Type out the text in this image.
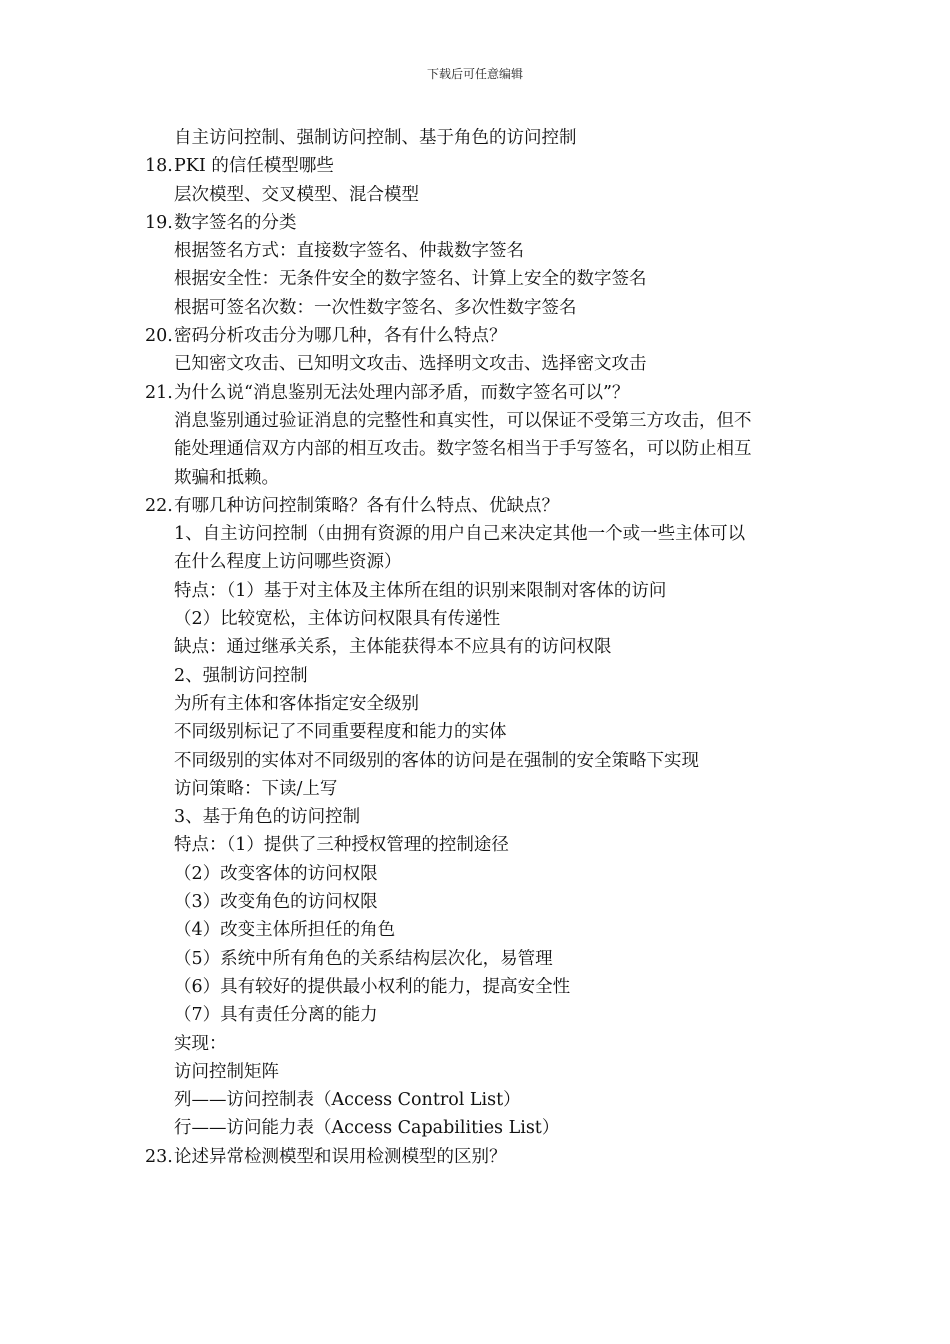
下载后可任意编辑
自主访问控制、强制访问控制、基于角色的访问控制
18. PKI 的信任模型哪些
层次模型、交叉模型、混合模型
19. 数字签名的分类
根据签名方式：直接数字签名、仲裁数字签名
根据安全性：无条件安全的数字签名、计算上安全的数字签名
根据可签名次数：一次性数字签名、多次性数字签名
20. 密码分析攻击分为哪几种，各有什么特点？
已知密文攻击、已知明文攻击、选择明文攻击、选择密文攻击
21. 为什么说“消息鉴别无法处理内部矛盾，而数字签名可以”？
消息鉴别通过验证消息的完整性和真实性，可以保证不受第三方攻击，但不
能处理通信双方内部的相互攻击。数字签名相当于手写签名，可以防止相互
欺骗和抵赖。
22. 有哪几种访问控制策略？各有什么特点、优缺点？
1、自主访问控制（由拥有资源的用户自己来决定其他一个或一些主体可以
在什么程度上访问哪些资源）
特点：（1）基于对主体及主体所在组的识别来限制对客体的访问
（2）比较宽松，主体访问权限具有传递性
缺点：通过继承关系，主体能获得本不应具有的访问权限
2、强制访问控制
为所有主体和客体指定安全级别
不同级别标记了不同重要程度和能力的实体
不同级别的实体对不同级别的客体的访问是在强制的安全策略下实现
访问策略：下读/上写
3、基于角色的访问控制
特点：（1）提供了三种授权管理的控制途径
（2）改变客体的访问权限
（3）改变角色的访问权限
（4）改变主体所担任的角色
（5）系统中所有角色的关系结构层次化，易管理
（6）具有较好的提供最小权利的能力，提高安全性
（7）具有责任分离的能力
实现：
访问控制矩阵
列——访问控制表（Access Control List）
行——访问能力表（Access Capabilities List）
23. 论述异常检测模型和误用检测模型的区别？
